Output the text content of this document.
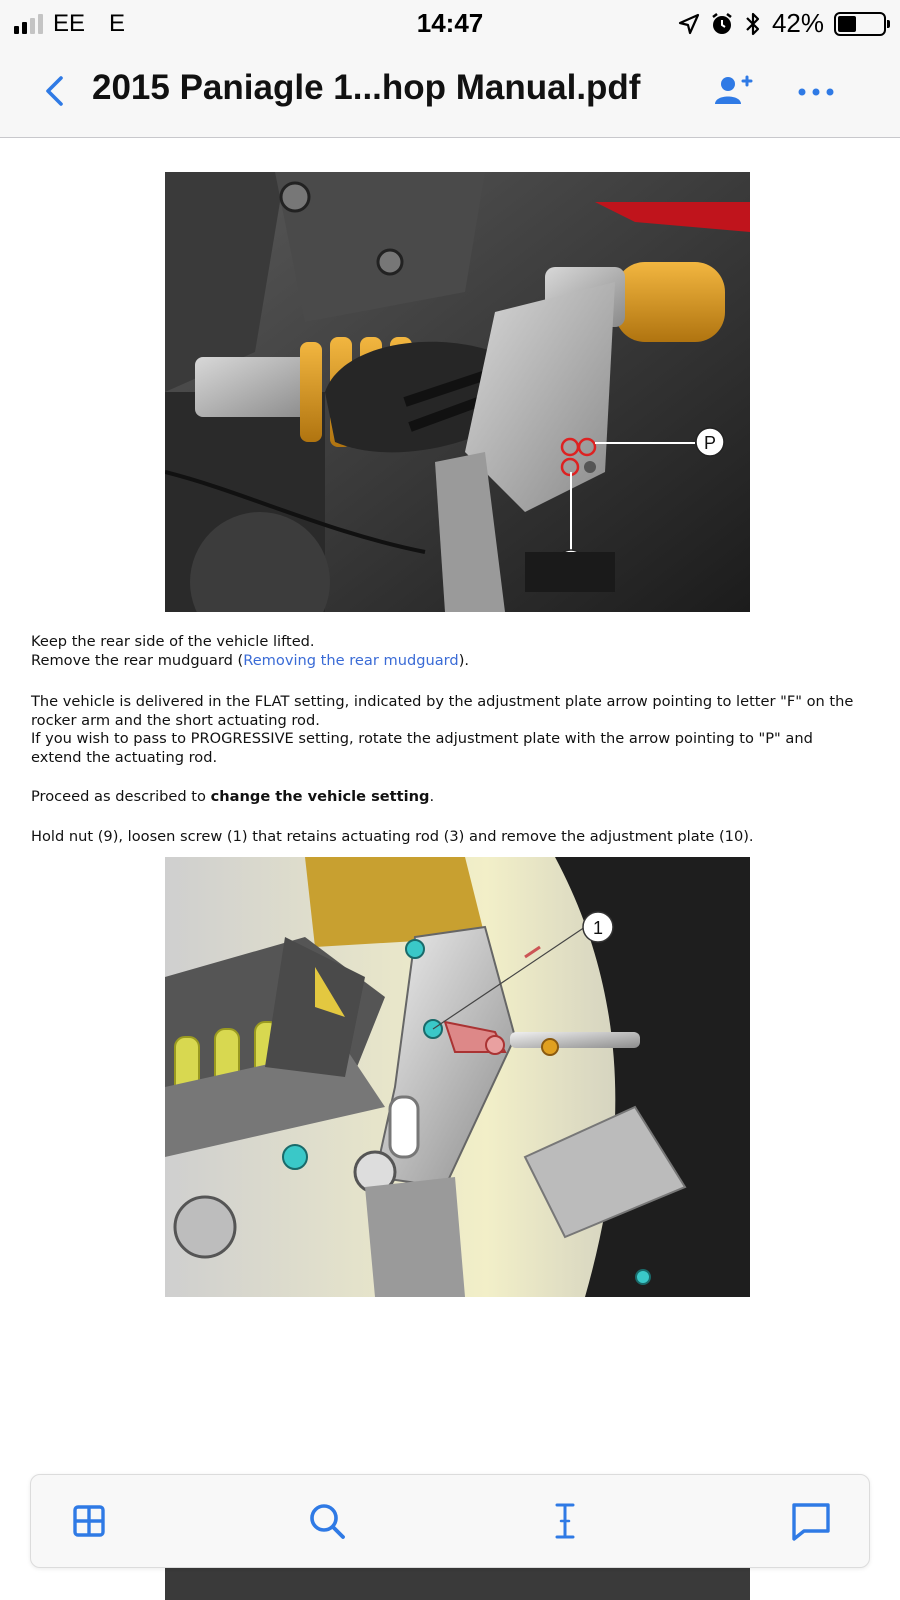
EE E	14:47	42%
2015 Paniagle 1...hop Manual.pdf
P
Keep the rear side of the vehicle lifted.
Remove the rear mudguard (Removing the rear mudguard).
The vehicle is delivered in the FLAT setting, indicated by the adjustment plate arrow pointing to letter "F" on the
rocker arm and the short actuating rod.
If you wish to pass to PROGRESSIVE setting, rotate the adjustment plate with the arrow pointing to "P" and
extend the actuating rod.
Proceed as described to change the vehicle setting.
Hold nut (9), loosen screw (1) that retains actuating rod (3) and remove the adjustment plate (10).
1
